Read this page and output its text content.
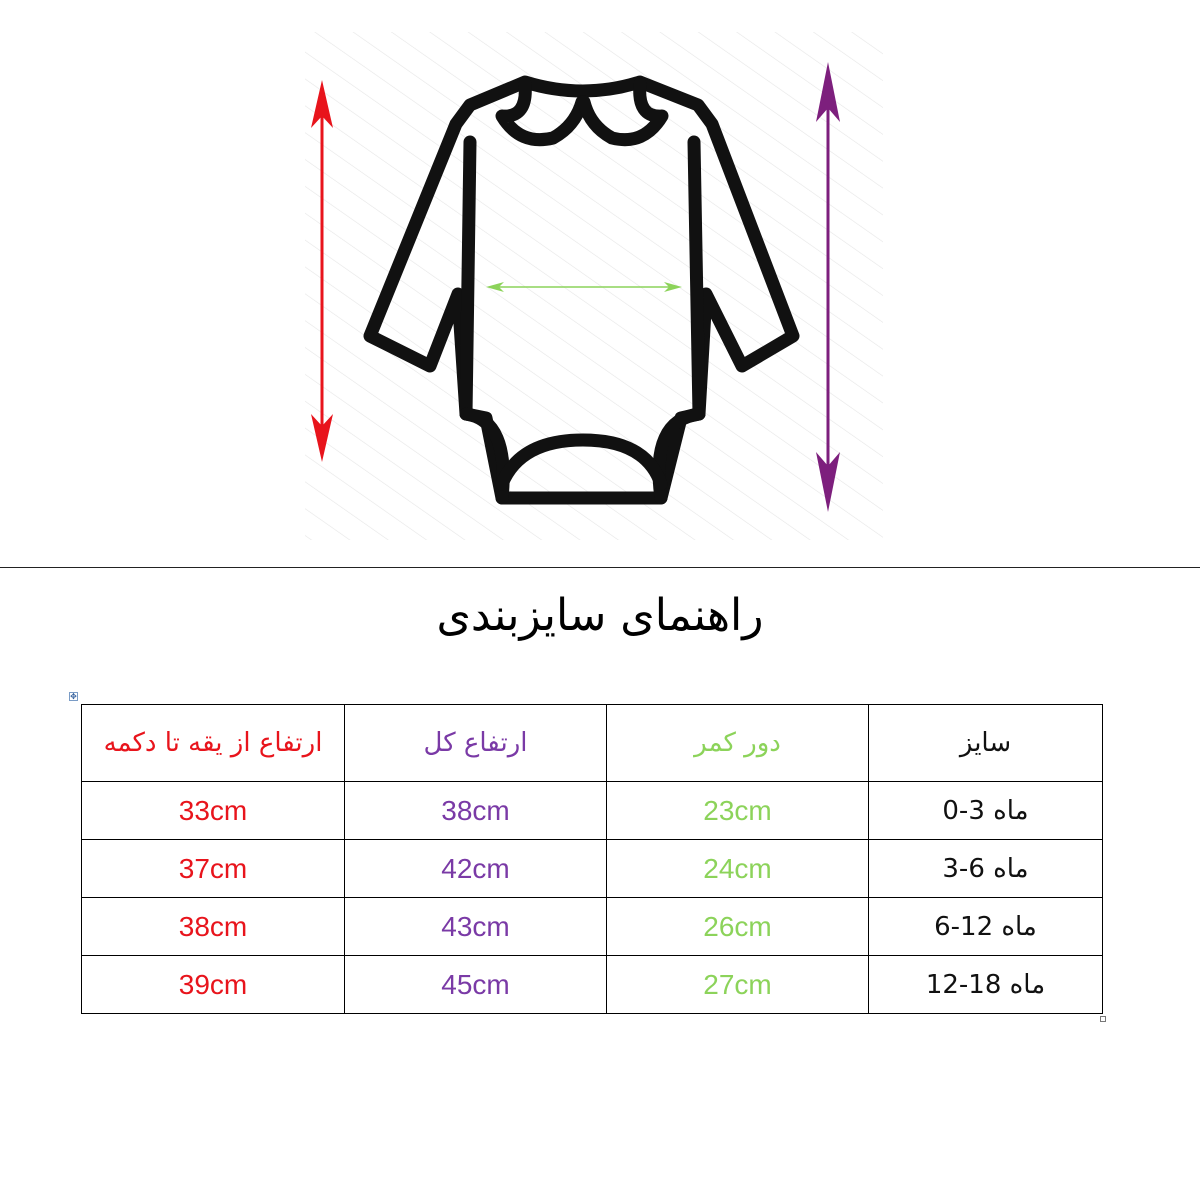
راهنمای سایزبندی
✥
ارتفاع از یقه تا دکمه	ارتفاع کل	دور کمر	سایز
33cm	38cm	23cm	0-3 ماه
37cm	42cm	24cm	3-6 ماه
38cm	43cm	26cm	6-12 ماه
39cm	45cm	27cm	12-18 ماه
